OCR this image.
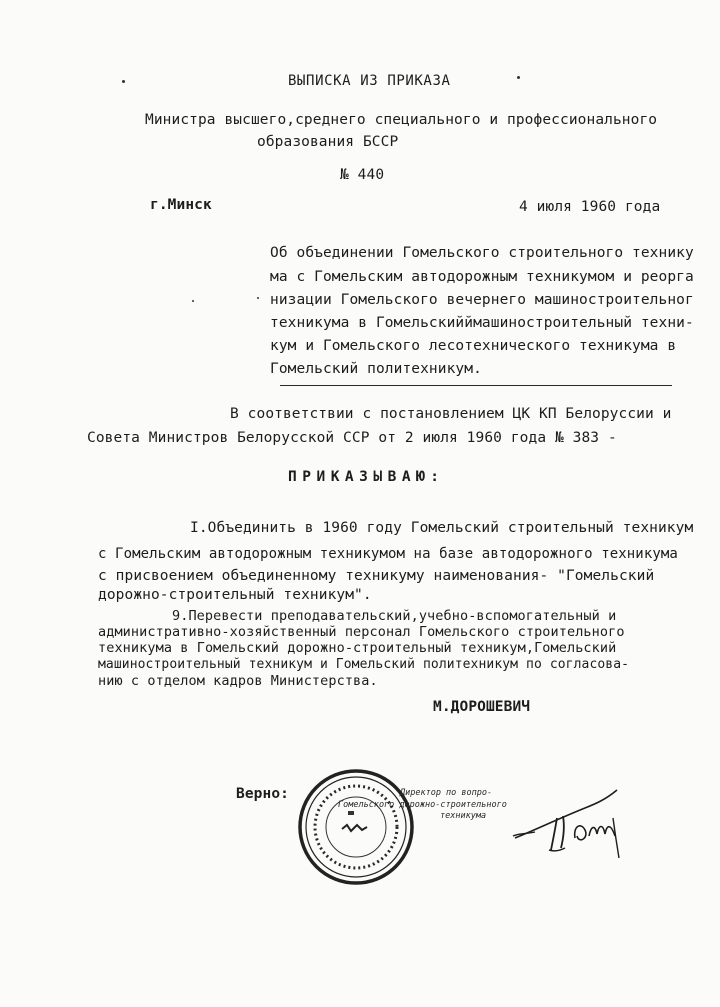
ВЫПИСКА ИЗ ПРИКАЗА
Министра высшего,среднего специального и профессионального
образования БССР
№ 440
г.Минск	4 июля 1960 года
Об объединении Гомельского строительного технику
ма с Гомельским автодорожным техникумом и реорга
низации Гомельского вечернего машиностроительног
техникума в Гомельскийймашиностроительный техни-
кум и Гомельского лесотехнического техникума в
Гомельский политехникум.
В соответствии с постановлением ЦК КП Белоруссии и
Совета Министров Белорусской ССР от 2 июля 1960 года № 383 -
ПРИКАЗЫВАЮ:
I.Объединить в 1960 году Гомельский строительный техникум
с Гомельским автодорожным техникумом на базе автодорожного техникума
с присвоением объединенному техникуму наименования- "Гомельский
дорожно-строительный техникум".
9.Перевести преподавательский,учебно-вспомогательный и
административно-хозяйственный персонал Гомельского строительного
техникума в Гомельский дорожно-строительный техникум,Гомельский
машиностроительный техникум и Гомельский политехникум по согласова-
нию с отделом кадров Министерства.
М.ДОРОШЕВИЧ
Верно:	Директор по вопро-
Гомельского дорожно-строительного
техникума
